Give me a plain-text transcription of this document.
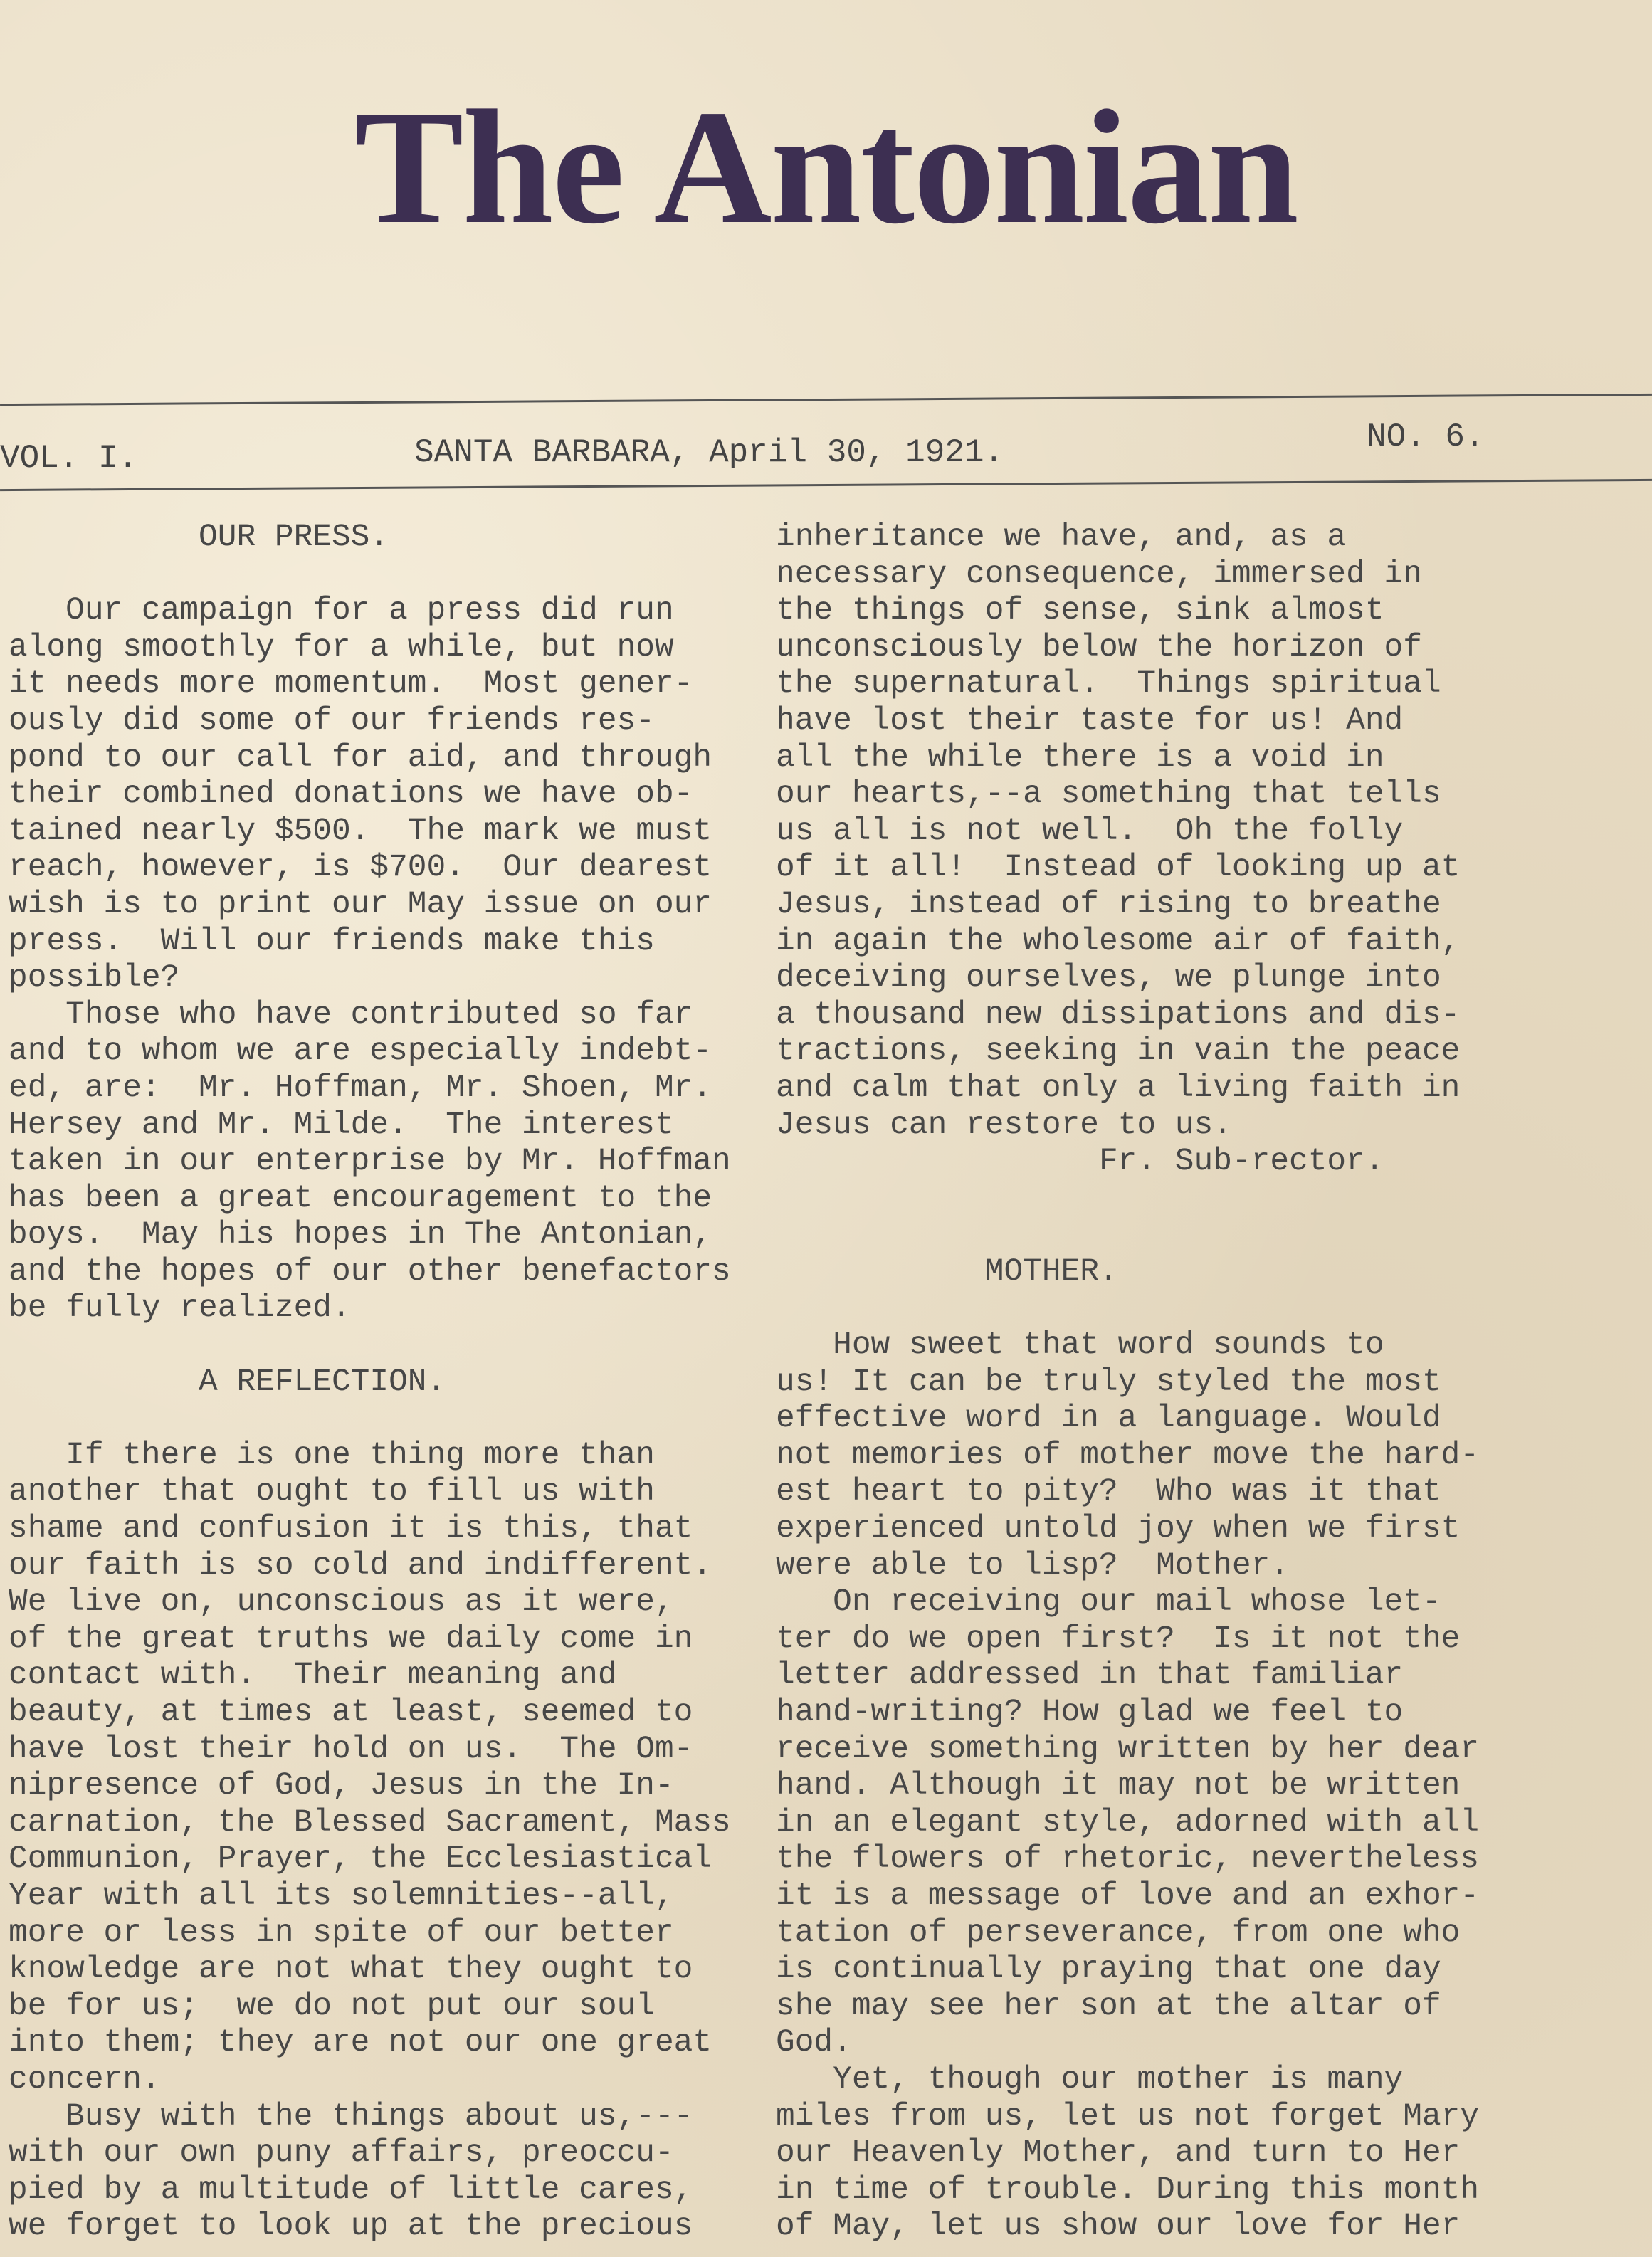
The Antonian
VOL. I.	SANTA BARBARA, April 30, 1921.	NO. 6.
OUR PRESS.

Our campaign for a press did run
along smoothly for a while, but now
it needs more momentum.  Most gener-
ously did some of our friends res-
pond to our call for aid, and through
their combined donations we have ob-
tained nearly $500.  The mark we must
reach, however, is $700.  Our dearest
wish is to print our May issue on our
press.  Will our friends make this
possible?
Those who have contributed so far
and to whom we are especially indebt-
ed, are:  Mr. Hoffman, Mr. Shoen, Mr.
Hersey and Mr. Milde.  The interest
taken in our enterprise by Mr. Hoffman
has been a great encouragement to the
boys.  May his hopes in The Antonian,
and the hopes of our other benefactors
be fully realized.

A REFLECTION.

If there is one thing more than
another that ought to fill us with
shame and confusion it is this, that
our faith is so cold and indifferent.
We live on, unconscious as it were,
of the great truths we daily come in
contact with.  Their meaning and
beauty, at times at least, seemed to
have lost their hold on us.  The Om-
nipresence of God, Jesus in the In-
carnation, the Blessed Sacrament, Mass
Communion, Prayer, the Ecclesiastical
Year with all its solemnities--all,
more or less in spite of our better
knowledge are not what they ought to
be for us;  we do not put our soul
into them; they are not our one great
concern.
Busy with the things about us,---
with our own puny affairs, preoccu-
pied by a multitude of little cares,
we forget to look up at the precious
inheritance we have, and, as a
necessary consequence, immersed in
the things of sense, sink almost
unconsciously below the horizon of
the supernatural.  Things spiritual
have lost their taste for us! And
all the while there is a void in
our hearts,--a something that tells
us all is not well.  Oh the folly
of it all!  Instead of looking up at
Jesus, instead of rising to breathe
in again the wholesome air of faith,
deceiving ourselves, we plunge into
a thousand new dissipations and dis-
tractions, seeking in vain the peace
and calm that only a living faith in
Jesus can restore to us.
Fr. Sub-rector.

MOTHER.

How sweet that word sounds to
us! It can be truly styled the most
effective word in a language. Would
not memories of mother move the hard-
est heart to pity?  Who was it that
experienced untold joy when we first
were able to lisp?  Mother.
On receiving our mail whose let-
ter do we open first?  Is it not the
letter addressed in that familiar
hand-writing? How glad we feel to
receive something written by her dear
hand. Although it may not be written
in an elegant style, adorned with all
the flowers of rhetoric, nevertheless
it is a message of love and an exhor-
tation of perseverance, from one who
is continually praying that one day
she may see her son at the altar of
God.
Yet, though our mother is many
miles from us, let us not forget Mary
our Heavenly Mother, and turn to Her
in time of trouble. During this month
of May, let us show our love for Her
